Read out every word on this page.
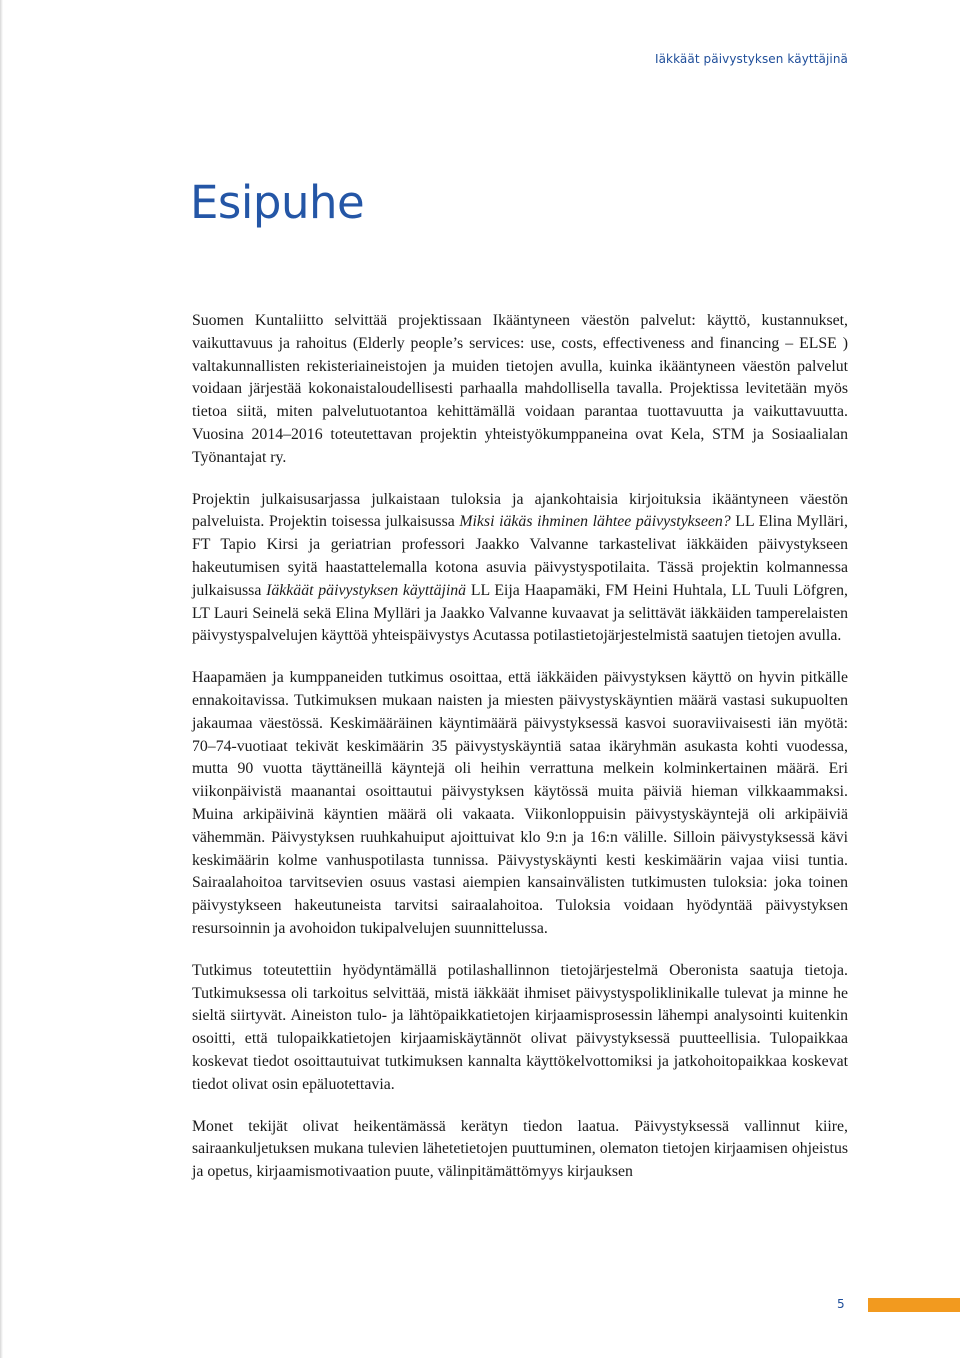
Iäkkäät päivystyksen käyttäjinä
Esipuhe

Suomen Kuntaliitto selvittää projektissaan Ikääntyneen väestön palvelut: käyttö, kustannukset, vaikuttavuus ja rahoitus (Elderly people’s services: use, costs, effectiveness and financing – ELSE ) valtakunnallisten rekisteriaineistojen ja muiden tietojen avulla, kuinka ikääntyneen väestön palvelut voidaan järjestää kokonaistaloudellisesti parhaalla mahdollisella tavalla. Projektissa levitetään myös tietoa siitä, miten palvelutuotantoa kehittämällä voidaan parantaa tuottavuutta ja vaikuttavuutta. Vuosina 2014–2016 toteutettavan projektin yhteistyökumppaneina ovat Kela, STM ja Sosiaalialan Työnantajat ry.

Projektin julkaisusarjassa julkaistaan tuloksia ja ajankohtaisia kirjoituksia ikääntyneen väestön palveluista. Projektin toisessa julkaisussa Miksi iäkäs ihminen lähtee päivystykseen? LL Elina Mylläri, FT Tapio Kirsi ja geriatrian professori Jaakko Valvanne tarkastelivat iäkkäiden päivystykseen hakeutumisen syitä haastattelemalla kotona asuvia päivystyspotilaita. Tässä projektin kolmannessa julkaisussa Iäkkäät päivystyksen käyttäjinä LL Eija Haapamäki, FM Heini Huhtala, LL Tuuli Löfgren, LT Lauri Seinelä sekä Elina Mylläri ja Jaakko Valvanne kuvaavat ja selittävät iäkkäiden tamperelaisten päivystyspalvelujen käyttöä yhteispäivystys Acutassa potilastietojärjestelmistä saatujen tietojen avulla.

Haapamäen ja kumppaneiden tutkimus osoittaa, että iäkkäiden päivystyksen käyttö on hyvin pitkälle ennakoitavissa. Tutkimuksen mukaan naisten ja miesten päivystyskäyntien määrä vastasi sukupuolten jakaumaa väestössä. Keskimääräinen käyntimäärä päivystyksessä kasvoi suoraviivaisesti iän myötä: 70–74-vuotiaat tekivät keskimäärin 35 päivystyskäyntiä sataa ikäryhmän asukasta kohti vuodessa, mutta 90 vuotta täyttäneillä käyntejä oli heihin verrattuna melkein kolminkertainen määrä. Eri viikonpäivistä maanantai osoittautui päivystyksen käytössä muita päiviä hieman vilkkaammaksi. Muina arkipäivinä käyntien määrä oli vakaata. Viikonloppuisin päivystyskäyntejä oli arkipäiviä vähemmän. Päivystyksen ruuhkahuiput ajoittuivat klo 9:n ja 16:n välille. Silloin päivystyksessä kävi keskimäärin kolme vanhuspotilasta tunnissa. Päivystyskäynti kesti keskimäärin vajaa viisi tuntia. Sairaalahoitoa tarvitsevien osuus vastasi aiempien kansainvälisten tutkimusten tuloksia: joka toinen päivystykseen hakeutuneista tarvitsi sairaalahoitoa. Tuloksia voidaan hyödyntää päivystyksen resursoinnin ja avohoidon tukipalvelujen suunnittelussa.

Tutkimus toteutettiin hyödyntämällä potilashallinnon tietojärjestelmä Oberonista saatuja tietoja. Tutkimuksessa oli tarkoitus selvittää, mistä iäkkäät ihmiset päivystyspoliklinikalle tulevat ja minne he sieltä siirtyvät. Aineiston tulo- ja lähtöpaikkatietojen kirjaamisprosessin lähempi analysointi kuitenkin osoitti, että tulopaikkatietojen kirjaamiskäytännöt olivat päivystyksessä puutteellisia. Tulopaikkaa koskevat tiedot osoittautuivat tutkimuksen kannalta käyttökelvottomiksi ja jatkohoitopaikkaa koskevat tiedot olivat osin epäluotettavia.

Monet tekijät olivat heikentämässä kerätyn tiedon laatua. Päivystyksessä vallinnut kiire, sairaankuljetuksen mukana tulevien lähetetietojen puuttuminen, olematon tietojen kirjaamisen ohjeistus ja opetus, kirjaamismotivaation puute, välinpitämättömyys kirjauksen

5
